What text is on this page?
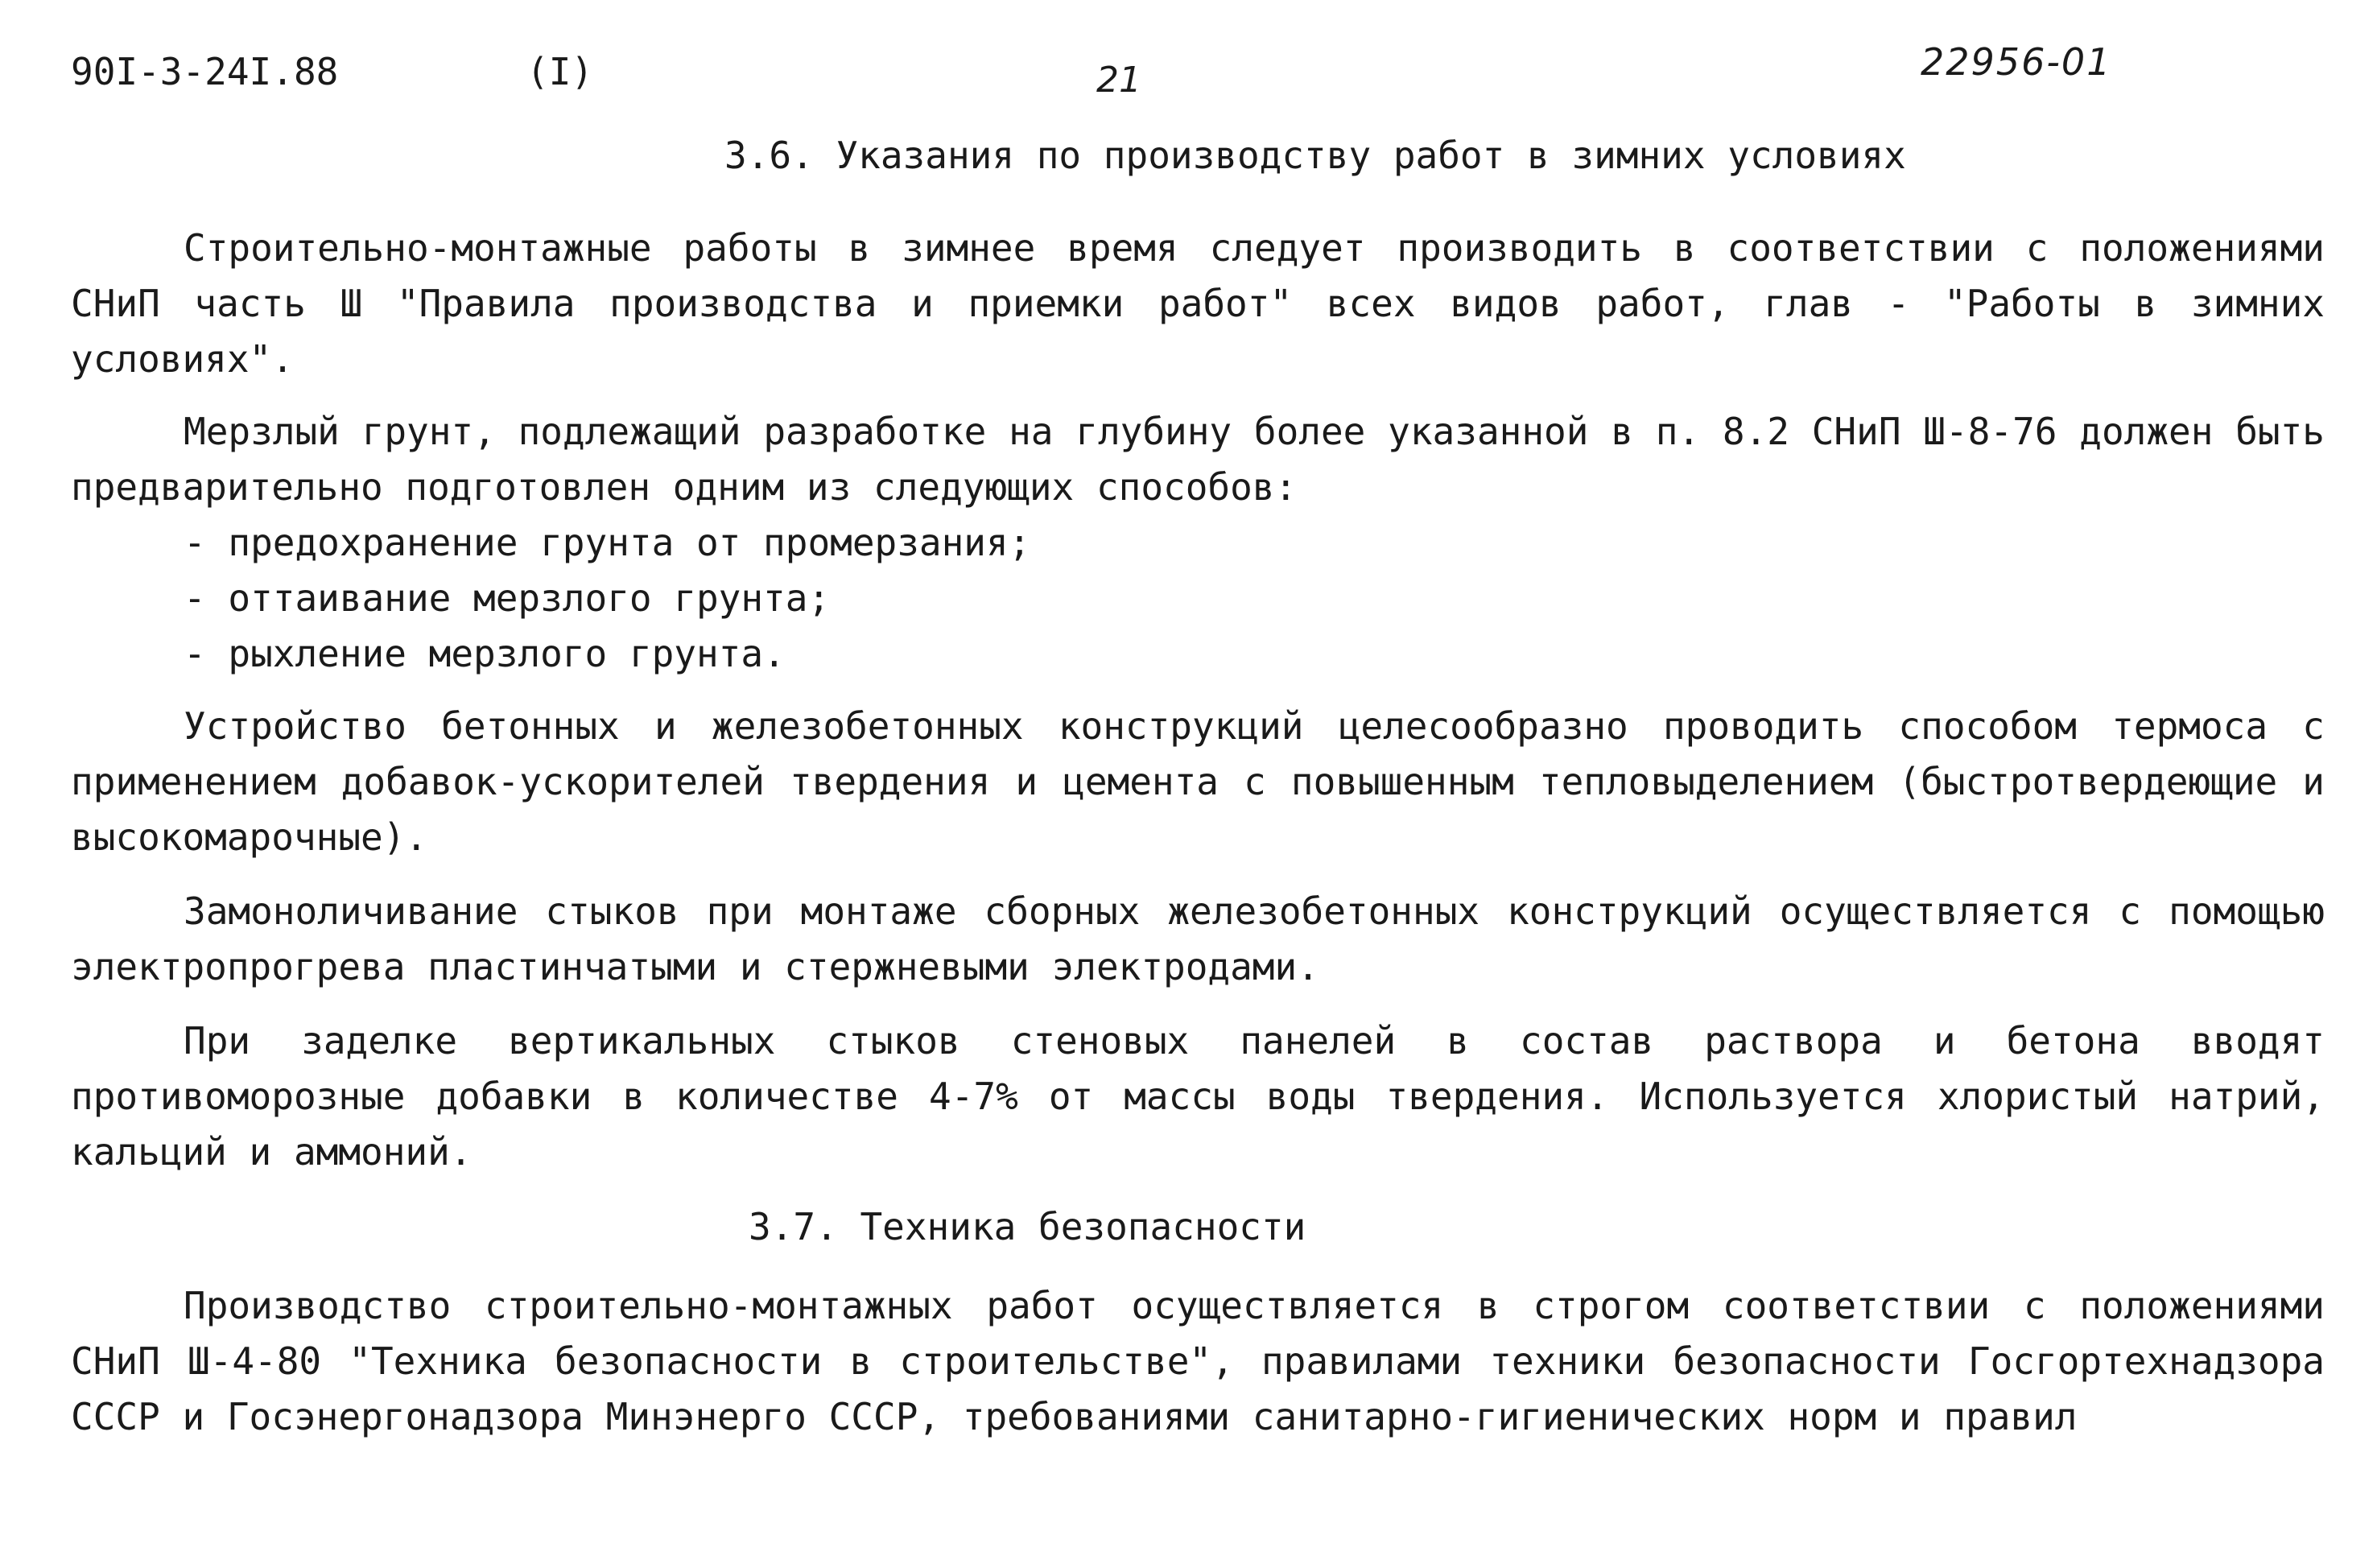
90I-3-24I.88	(I)	21	22956-01
3.6. Указания по производству работ в зимних условиях

Строительно-монтажные работы в зимнее время следует производить в соответствии с положениями СНиП часть Ш "Правила производства и приемки работ" всех видов работ, глав - "Работы в зимних условиях".

Мерзлый грунт, подлежащий разработке на глубину более указанной в п. 8.2 СНиП Ш-8-76 должен быть предварительно подготовлен одним из следующих способов:

- предохранение грунта от промерзания;

- оттаивание мерзлого грунта;

- рыхление мерзлого грунта.

Устройство бетонных и железобетонных конструкций целесообразно проводить способом термоса с применением добавок-ускорителей твердения и цемента с повышенным тепловыделением (быстротвердеющие и высокомарочные).

Замоноличивание стыков при монтаже сборных железобетонных конструкций осуществляется с помощью электропрогрева пластинчатыми и стержневыми электродами.

При заделке вертикальных стыков стеновых панелей в состав раствора и бетона вводят противоморозные добавки в количестве 4-7% от массы воды твердения. Используется хлористый натрий, кальций и аммоний.

3.7. Техника безопасности

Производство строительно-монтажных работ осуществляется в строгом соответствии с положениями СНиП Ш-4-80 "Техника безопасности в строительстве", правилами техники безопасности Госгортехнадзора СССР и Госэнергонадзора Минэнерго СССР, требованиями санитарно-гигиенических норм и правил
